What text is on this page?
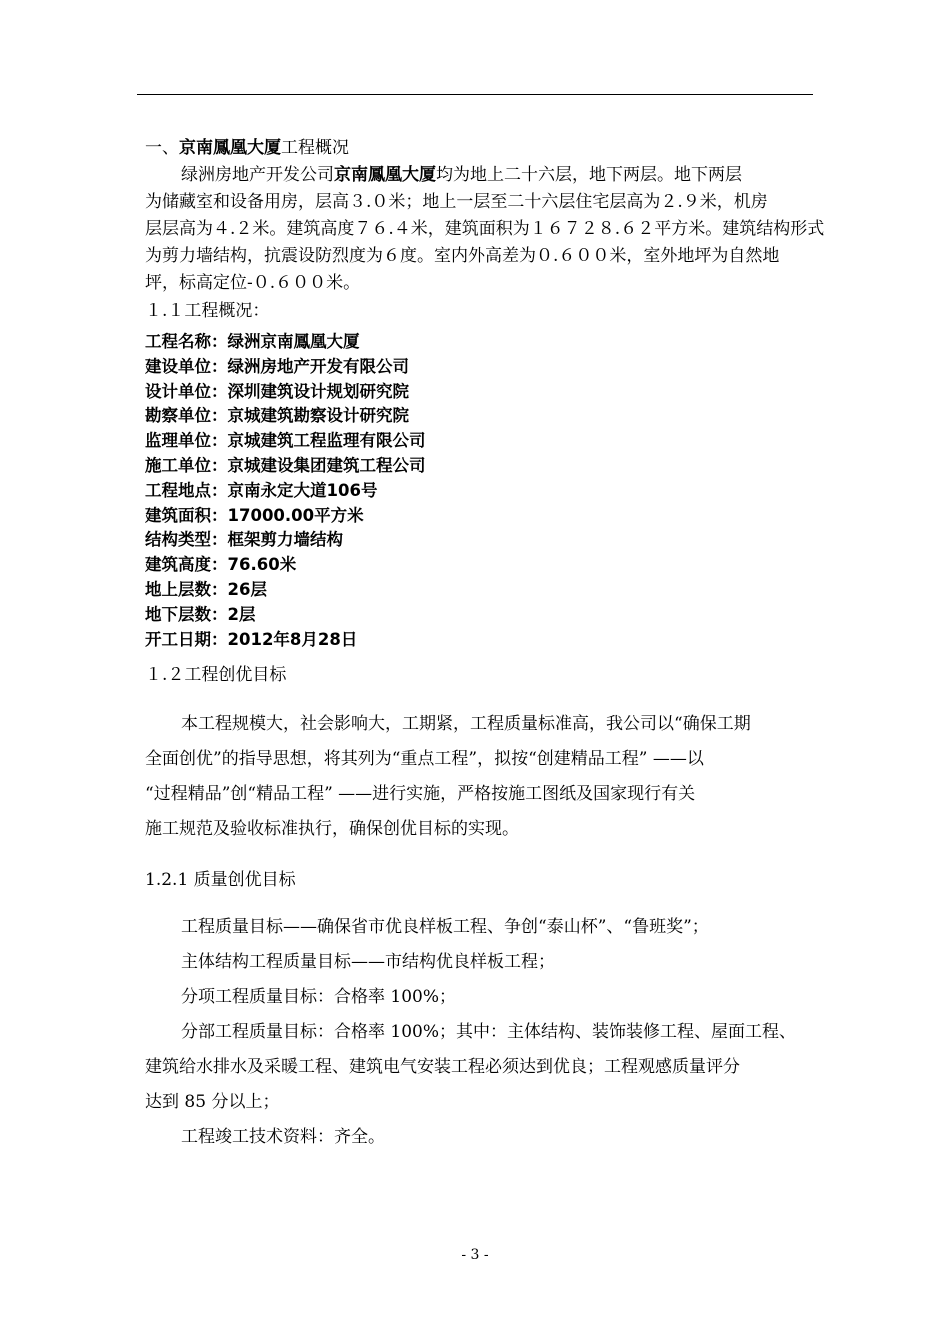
一、京南鳳凰大厦工程概况
绿洲房地产开发公司京南鳳凰大厦均为地上二十六层，地下两层。地下两层
为储藏室和设备用房，层高３.０米；地上一层至二十六层住宅层高为２.９米，机房
层层高为４.２米。建筑高度７６.４米，建筑面积为１６７２８.６２平方米。建筑结构形式
为剪力墙结构，抗震设防烈度为６度。室内外高差为０.６００米，室外地坪为自然地
坪，标高定位-０.６００米。
１.１工程概况：
工程名称：绿洲京南鳳凰大厦
建设单位：绿洲房地产开发有限公司
设计单位：深圳建筑设计规划研究院
勘察单位：京城建筑勘察设计研究院
监理单位：京城建筑工程监理有限公司
施工单位：京城建设集团建筑工程公司
工程地点：京南永定大道106号
建筑面积：17000.00平方米
结构类型：框架剪力墙结构
建筑高度：76.60米
地上层数：26层
地下层数：2层
开工日期：2012年8月28日
１.２工程创优目标
本工程规模大，社会影响大，工期紧，工程质量标准高，我公司以“确保工期
全面创优”的指导思想，将其列为“重点工程”，拟按“创建精品工程” ——以
“过程精品”创“精品工程” ——进行实施，严格按施工图纸及国家现行有关
施工规范及验收标准执行，确保创优目标的实现。
1.2.1 质量创优目标
工程质量目标——确保省市优良样板工程、争创“泰山杯”、“鲁班奖”；
主体结构工程质量目标——市结构优良样板工程；
分项工程质量目标：合格率 100%；
分部工程质量目标：合格率 100%；其中：主体结构、装饰装修工程、屋面工程、
建筑给水排水及采暖工程、建筑电气安装工程必须达到优良；工程观感质量评分
达到 85 分以上；
工程竣工技术资料：齐全。
- 3 -
